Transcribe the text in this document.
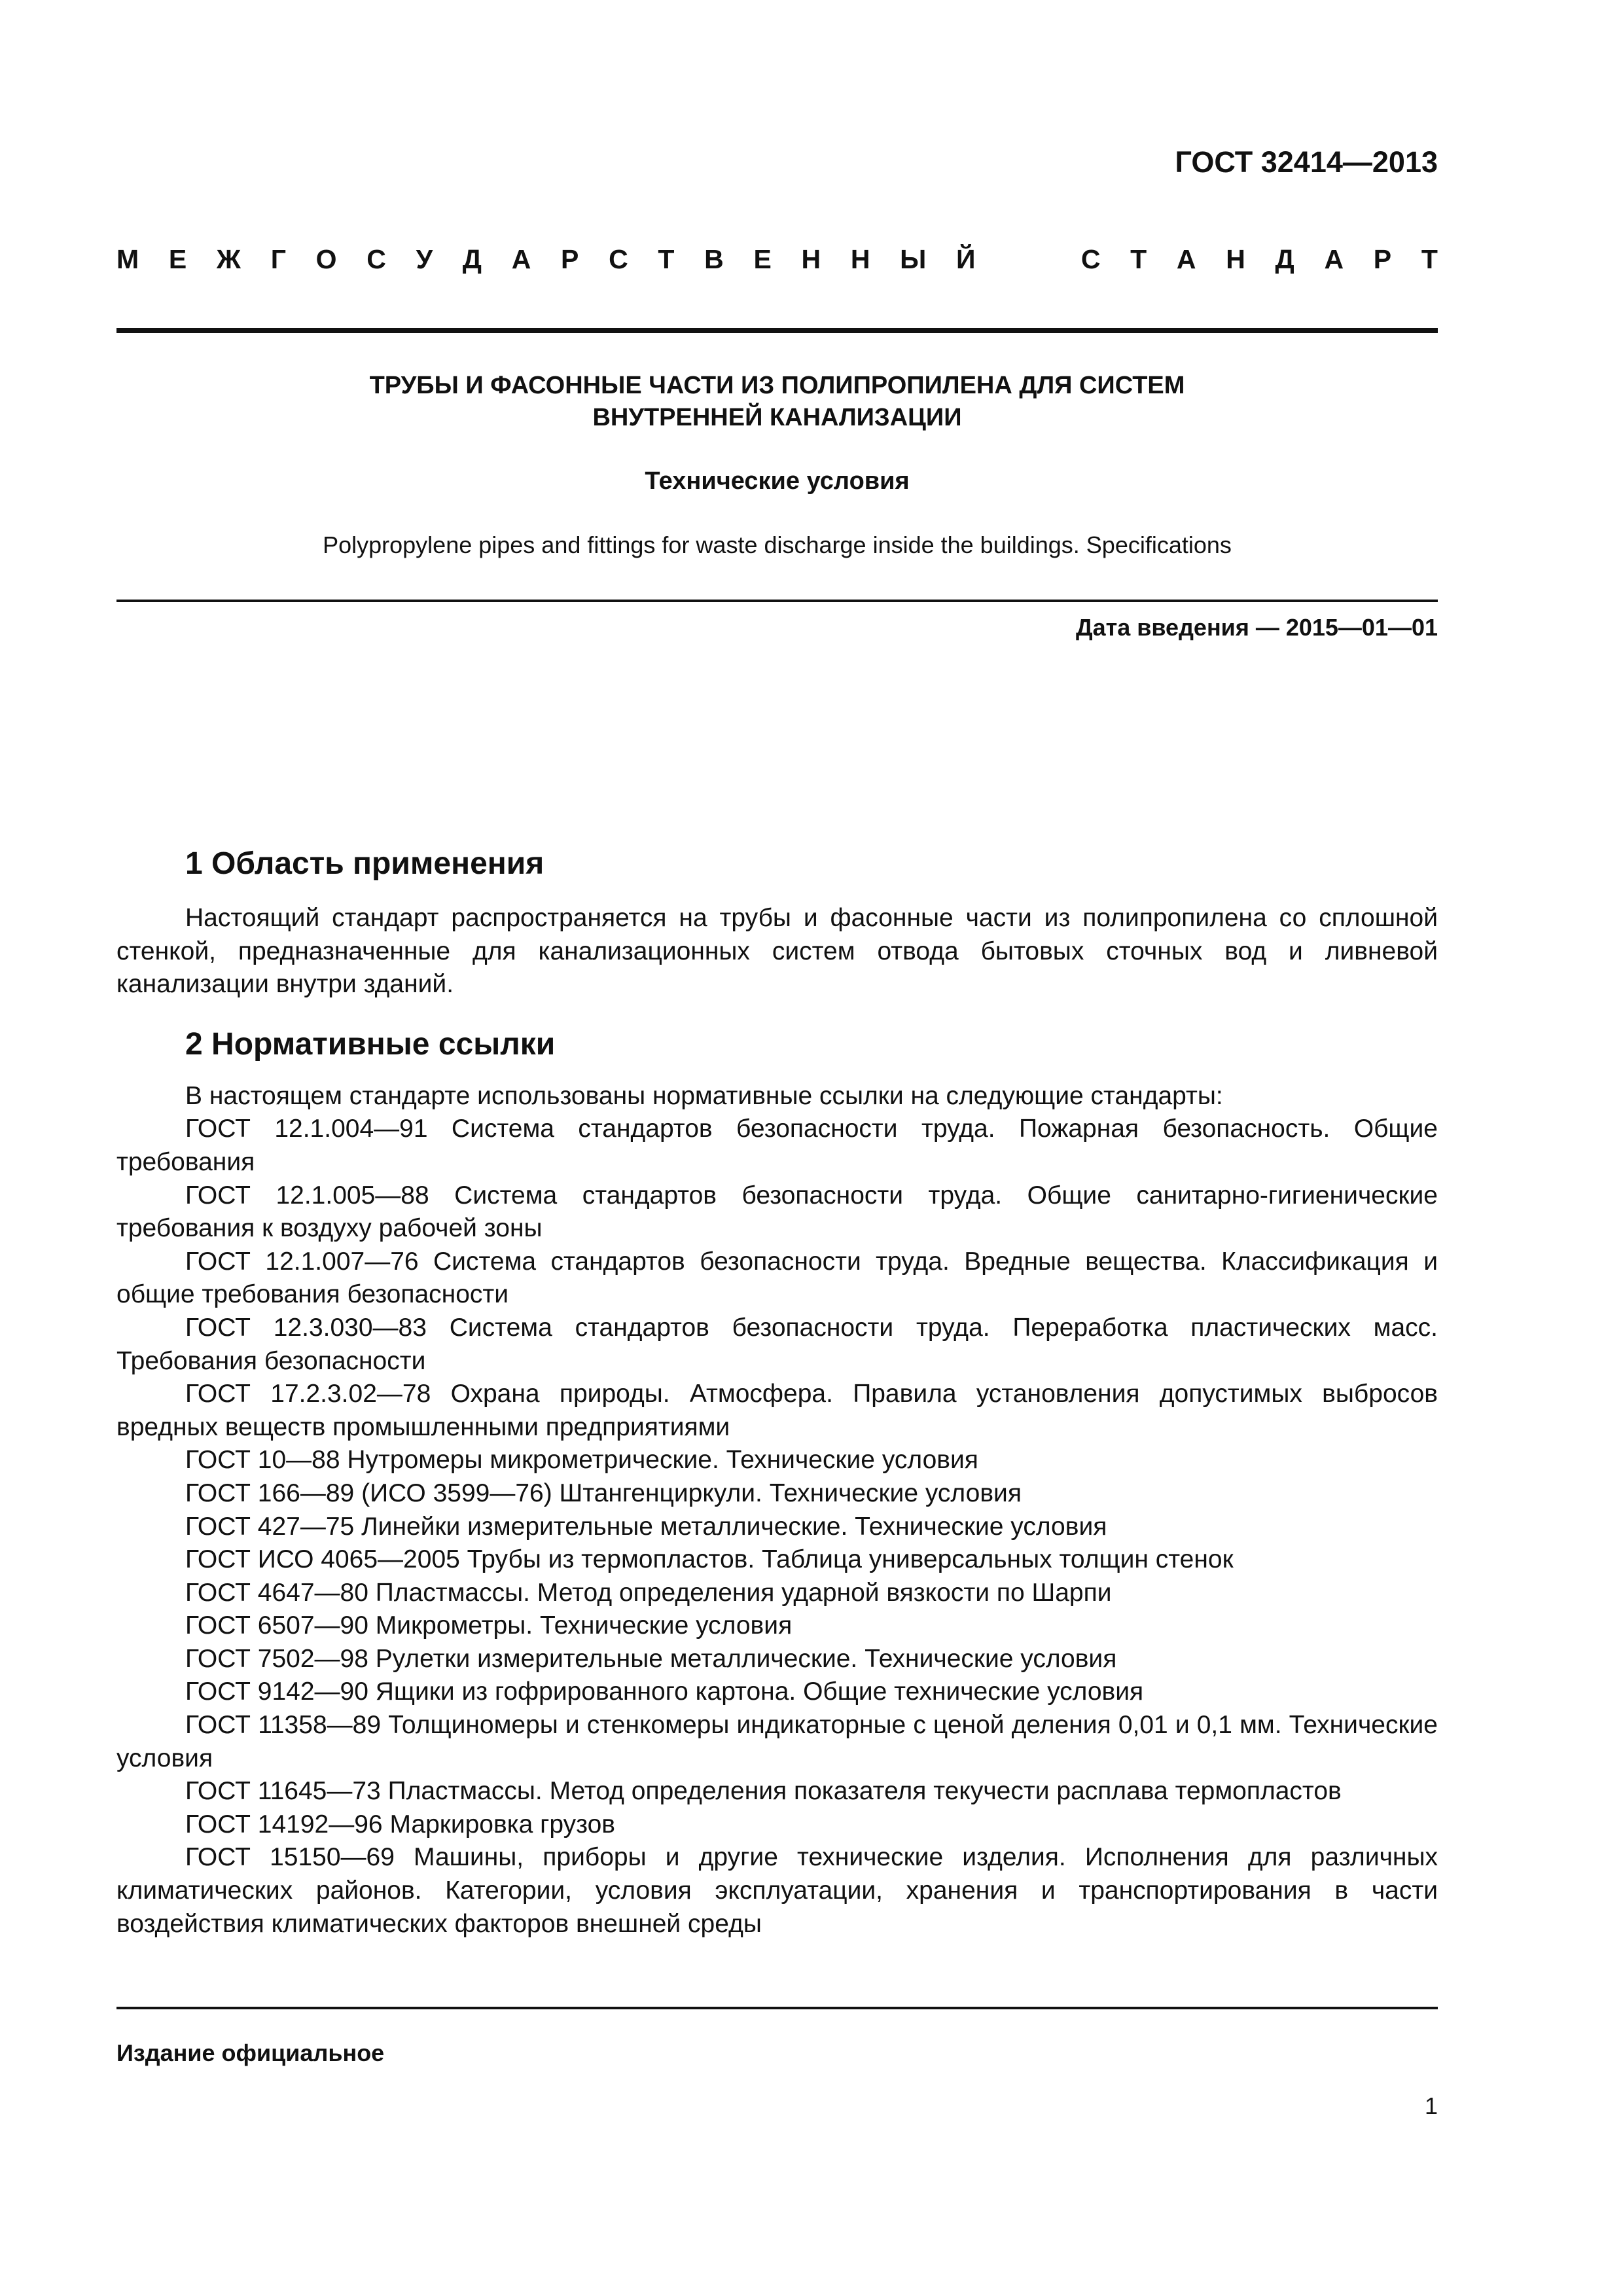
ГОСТ 32414—2013
М Е Ж Г О С У Д А Р С Т В Е Н Н Ы Й	С Т А Н Д А Р Т
ТРУБЫ И ФАСОННЫЕ ЧАСТИ ИЗ ПОЛИПРОПИЛЕНА ДЛЯ СИСТЕМ
ВНУТРЕННЕЙ КАНАЛИЗАЦИИ
Технические условия
Polypropylene pipes and fittings for waste discharge inside the buildings. Specifications
Дата введения — 2015—01—01
1 Область применения

Настоящий стандарт распространяется на трубы и фасонные части из полипропилена со сплошной стенкой, предназначенные для канализационных систем отвода бытовых сточных вод и ливневой канализации внутри зданий.

2 Нормативные ссылки

В настоящем стандарте использованы нормативные ссылки на следующие стандарты:

ГОСТ 12.1.004—91 Система стандартов безопасности труда. Пожарная безопасность. Общие требования

ГОСТ 12.1.005—88 Система стандартов безопасности труда. Общие санитарно-гигиенические требования к воздуху рабочей зоны

ГОСТ 12.1.007—76 Система стандартов безопасности труда. Вредные вещества. Классификация и общие требования безопасности

ГОСТ 12.3.030—83 Система стандартов безопасности труда. Переработка пластических масс. Требования безопасности

ГОСТ 17.2.3.02—78 Охрана природы. Атмосфера. Правила установления допустимых выбросов вредных веществ промышленными предприятиями

ГОСТ 10—88 Нутромеры микрометрические. Технические условия

ГОСТ 166—89 (ИСО 3599—76) Штангенциркули. Технические условия

ГОСТ 427—75 Линейки измерительные металлические. Технические условия

ГОСТ ИСО 4065—2005 Трубы из термопластов. Таблица универсальных толщин стенок

ГОСТ 4647—80 Пластмассы. Метод определения ударной вязкости по Шарпи

ГОСТ 6507—90 Микрометры. Технические условия

ГОСТ 7502—98 Рулетки измерительные металлические. Технические условия

ГОСТ 9142—90 Ящики из гофрированного картона. Общие технические условия

ГОСТ 11358—89 Толщиномеры и стенкомеры индикаторные с ценой деления 0,01 и 0,1 мм. Технические условия

ГОСТ 11645—73 Пластмассы. Метод определения показателя текучести расплава термопластов

ГОСТ 14192—96 Маркировка грузов

ГОСТ 15150—69 Машины, приборы и другие технические изделия. Исполнения для различных климатических районов. Категории, условия эксплуатации, хранения и транспортирования в части воздействия климатических факторов внешней среды

Издание официальное
1
